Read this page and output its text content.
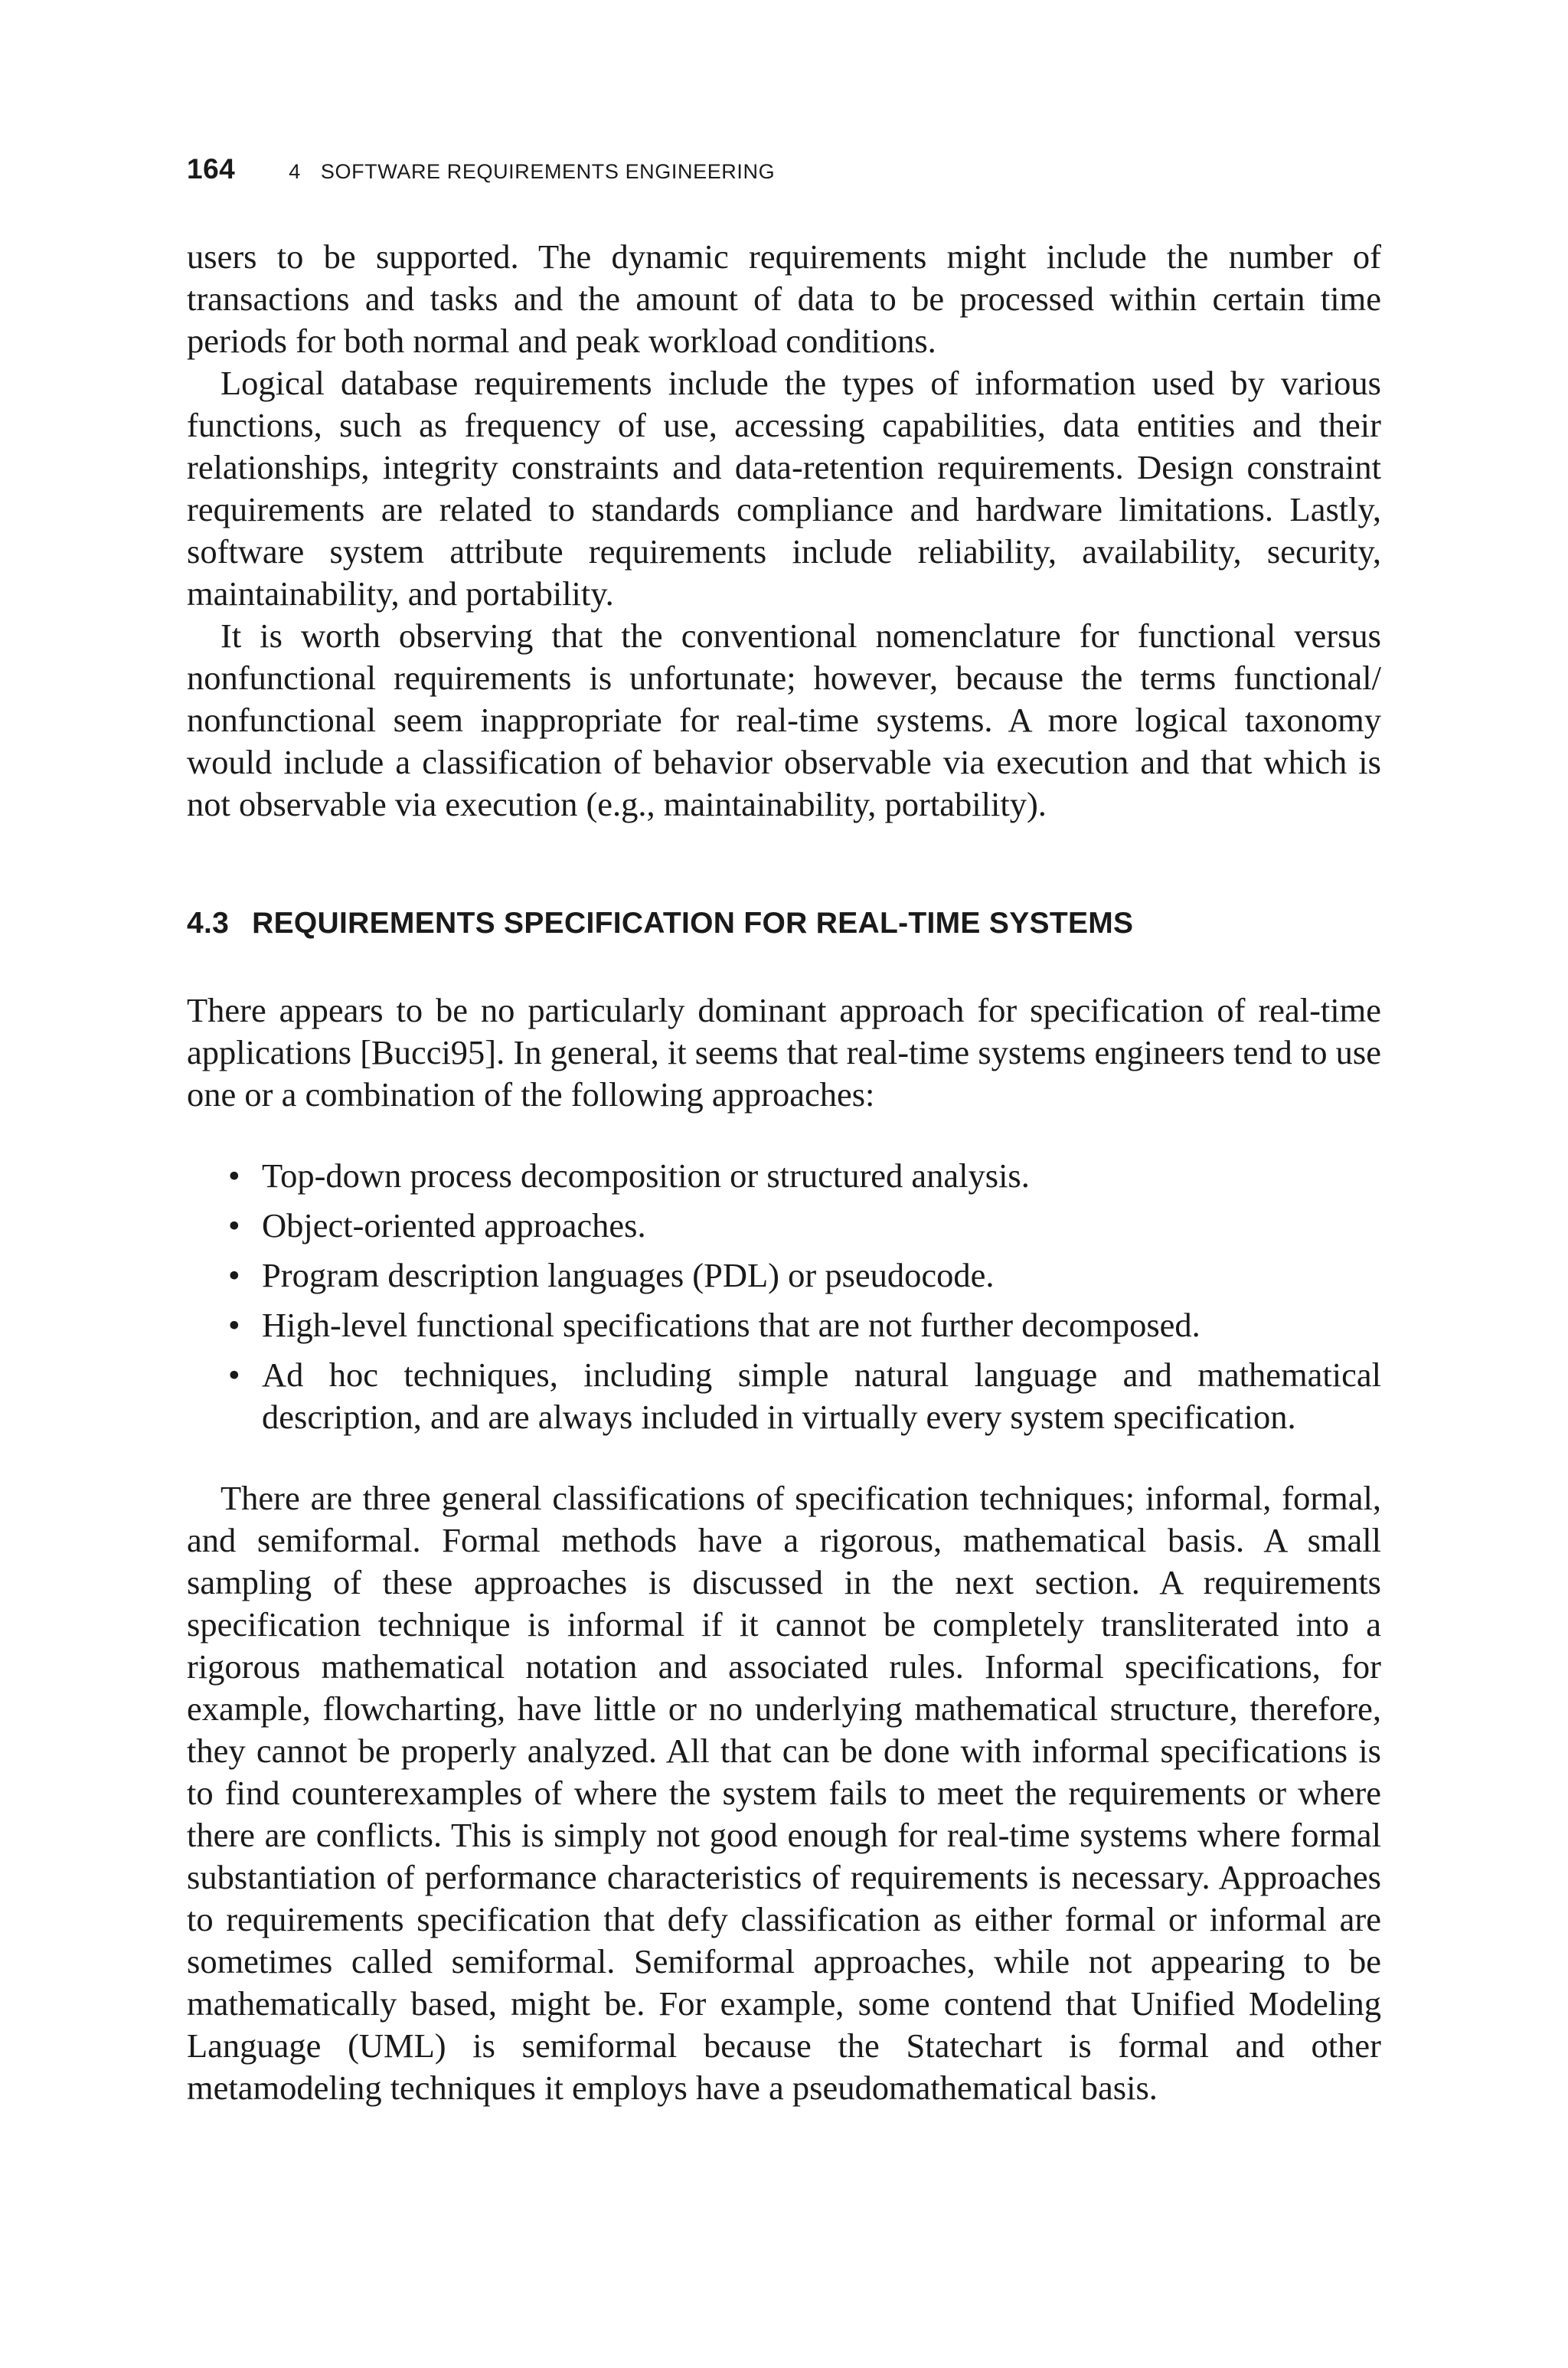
164	4 SOFTWARE REQUIREMENTS ENGINEERING

users to be supported. The dynamic requirements might include the number of transactions and tasks and the amount of data to be processed within certain time periods for both normal and peak workload conditions.

Logical database requirements include the types of information used by various functions, such as frequency of use, accessing capabilities, data entities and their relationships, integrity constraints and data-retention requirements. Design constraint requirements are related to standards compliance and hardware limitations. Lastly, software system attribute requirements include reliability, availability, security, maintainability, and portability.

It is worth observing that the conventional nomenclature for functional versus nonfunctional requirements is unfortunate; however, because the terms functional/ nonfunctional seem inappropriate for real-time systems. A more logical taxonomy would include a classification of behavior observable via execution and that which is not observable via execution (e.g., maintainability, portability).

4.3 REQUIREMENTS SPECIFICATION FOR REAL-TIME SYSTEMS

There appears to be no particularly dominant approach for specification of real-time applications [Bucci95]. In general, it seems that real-time systems engineers tend to use one or a combination of the following approaches:

• Top-down process decomposition or structured analysis.
• Object-oriented approaches.
• Program description languages (PDL) or pseudocode.
• High-level functional specifications that are not further decomposed.
• Ad hoc techniques, including simple natural language and mathematical description, and are always included in virtually every system specification.

There are three general classifications of specification techniques; informal, formal, and semiformal. Formal methods have a rigorous, mathematical basis. A small sampling of these approaches is discussed in the next section. A requirements specification technique is informal if it cannot be completely transliterated into a rigorous mathematical notation and associated rules. Informal specifications, for example, flowcharting, have little or no underlying mathematical structure, therefore, they cannot be properly analyzed. All that can be done with informal specifications is to find counterexamples of where the system fails to meet the requirements or where there are conflicts. This is simply not good enough for real-time systems where formal substantiation of performance characteristics of requirements is necessary. Approaches to requirements specification that defy classification as either formal or informal are sometimes called semiformal. Semiformal approaches, while not appearing to be mathematically based, might be. For example, some contend that Unified Modeling Language (UML) is semiformal because the Statechart is formal and other metamodeling techniques it employs have a pseudomathematical basis.
